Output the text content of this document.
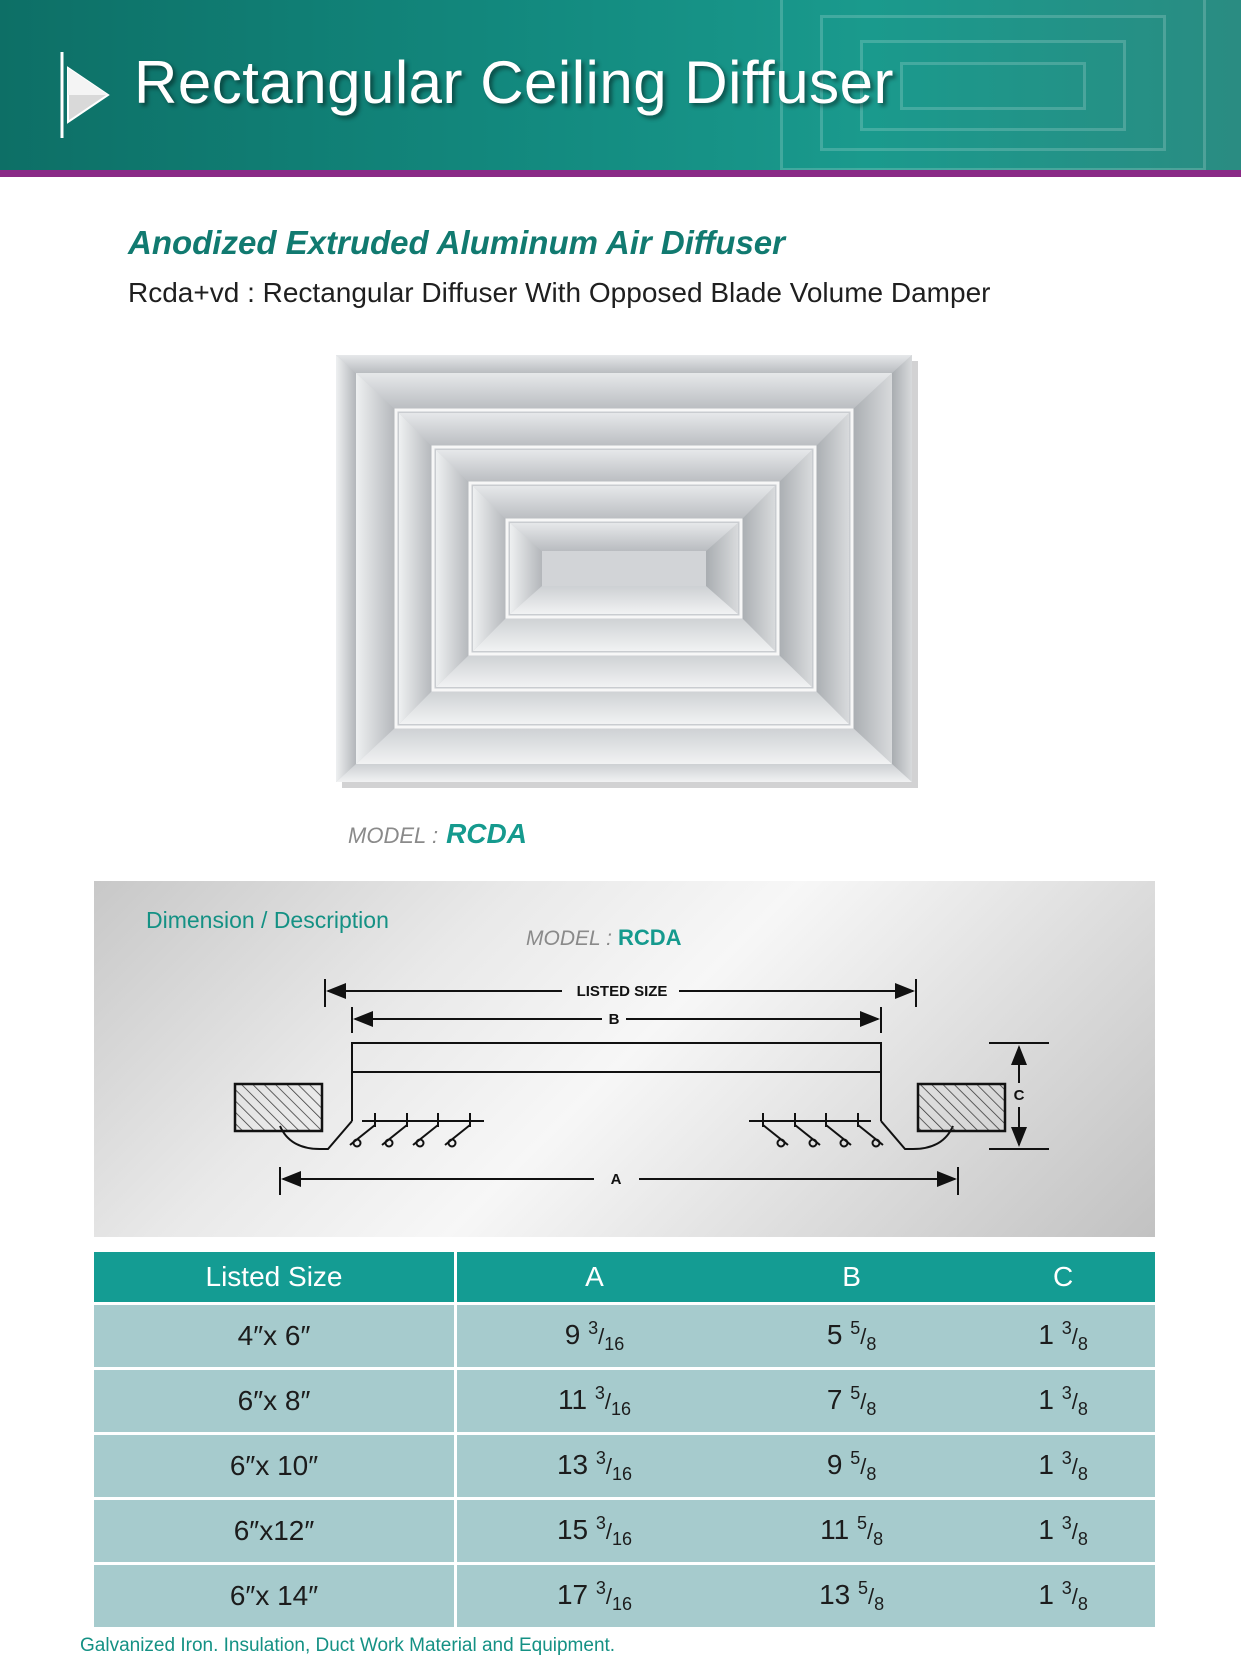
Rectangular Ceiling Diffuser
Anodized Extruded Aluminum Air Diffuser
Rcda+vd : Rectangular Diffuser With Opposed Blade Volume Damper
MODEL : RCDA
Dimension / Description
MODEL : RCDA
LISTED SIZE
B
C
A
Listed Size	A	B	C
4″x 6″	9 $^3/_{16}$	5 $^5/_8$	1 $^3/_8$
6″x 8″	11 $^3/_{16}$	7 $^5/_8$	1 $^3/_8$
6″x 10″	13 $^3/_{16}$	9 $^5/_8$	1 $^3/_8$
6″x12″	15 $^3/_{16}$	11 $^5/_8$	1 $^3/_8$
6″x 14″	17 $^3/_{16}$	13 $^5/_8$	1 $^3/_8$
Galvanized Iron. Insulation, Duct Work Material and Equipment.
